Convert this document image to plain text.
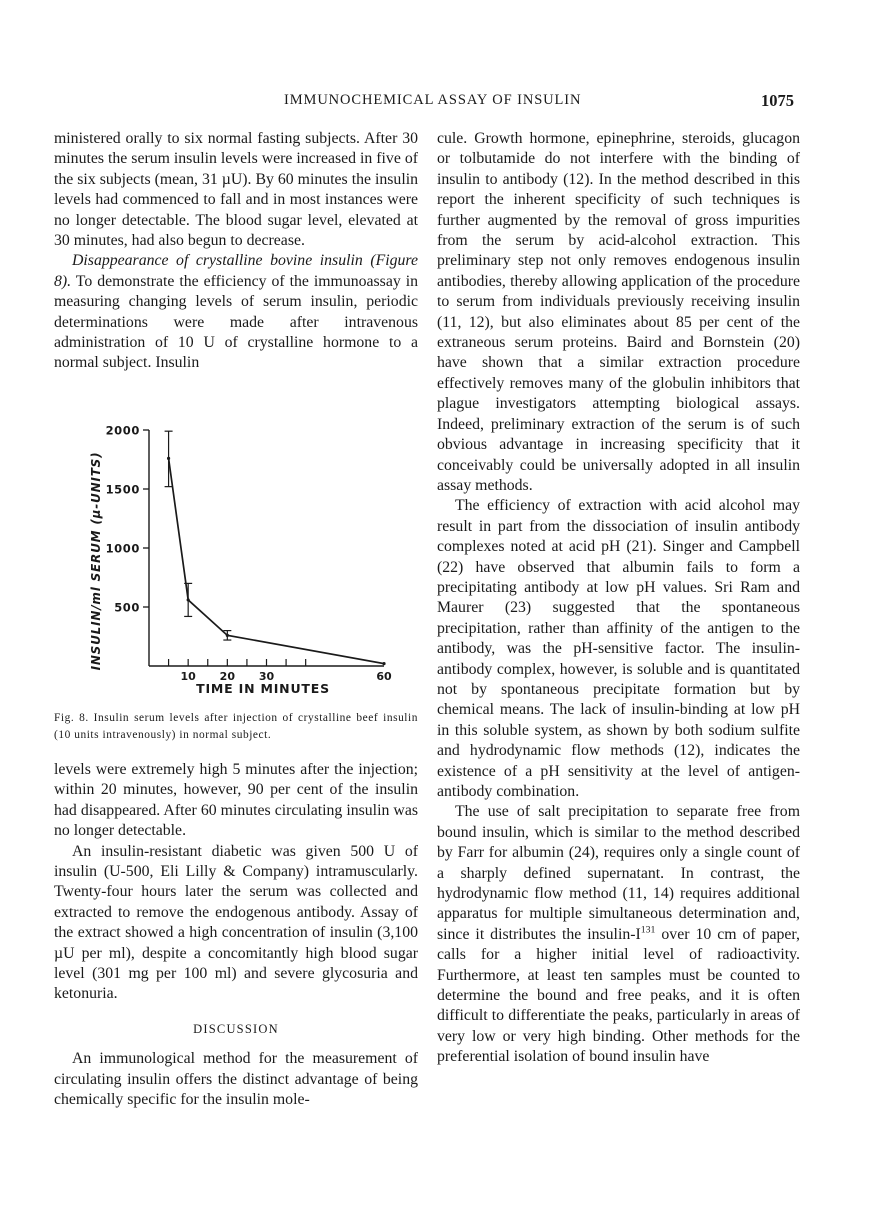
IMMUNOCHEMICAL ASSAY OF INSULIN	1075

ministered orally to six normal fasting subjects. After 30 minutes the serum insulin levels were increased in five of the six subjects (mean, 31 µU). By 60 minutes the insulin levels had commenced to fall and in most instances were no longer detectable. The blood sugar level, elevated at 30 minutes, had also begun to decrease.

Disappearance of crystalline bovine insulin (Figure 8). To demonstrate the efficiency of the immunoassay in measuring changing levels of serum insulin, periodic determinations were made after intravenous administration of 10 U of crystalline hormone to a normal subject. Insulin

500
1000
1500
2000
10 20 30	60
TIME IN MINUTES
INSULIN/ml SERUM (µ-UNITS)
Fig. 8. Insulin serum levels after injection of crystalline beef insulin (10 units intravenously) in normal subject.

levels were extremely high 5 minutes after the injection; within 20 minutes, however, 90 per cent of the insulin had disappeared. After 60 minutes circulating insulin was no longer detectable.

An insulin-resistant diabetic was given 500 U of insulin (U-500, Eli Lilly & Company) intramuscularly. Twenty-four hours later the serum was collected and extracted to remove the endogenous antibody. Assay of the extract showed a high concentration of insulin (3,100 µU per ml), despite a concomitantly high blood sugar level (301 mg per 100 ml) and severe glycosuria and ketonuria.

DISCUSSION

An immunological method for the measurement of circulating insulin offers the distinct advantage of being chemically specific for the insulin mole-

cule. Growth hormone, epinephrine, steroids, glucagon or tolbutamide do not interfere with the binding of insulin to antibody (12). In the method described in this report the inherent specificity of such techniques is further augmented by the removal of gross impurities from the serum by acid-alcohol extraction. This preliminary step not only removes endogenous insulin antibodies, thereby allowing application of the procedure to serum from individuals previously receiving insulin (11, 12), but also eliminates about 85 per cent of the extraneous serum proteins. Baird and Bornstein (20) have shown that a similar extraction procedure effectively removes many of the globulin inhibitors that plague investigators attempting biological assays. Indeed, preliminary extraction of the serum is of such obvious advantage in increasing specificity that it conceivably could be universally adopted in all insulin assay methods.

The efficiency of extraction with acid alcohol may result in part from the dissociation of insulin antibody complexes noted at acid pH (21). Singer and Campbell (22) have observed that albumin fails to form a precipitating antibody at low pH values. Sri Ram and Maurer (23) suggested that the spontaneous precipitation, rather than affinity of the antigen to the antibody, was the pH-sensitive factor. The insulin-antibody complex, however, is soluble and is quantitated not by spontaneous precipitate formation but by chemical means. The lack of insulin-binding at low pH in this soluble system, as shown by both sodium sulfite and hydrodynamic flow methods (12), indicates the existence of a pH sensitivity at the level of antigen-antibody combination.

The use of salt precipitation to separate free from bound insulin, which is similar to the method described by Farr for albumin (24), requires only a single count of a sharply defined supernatant. In contrast, the hydrodynamic flow method (11, 14) requires additional apparatus for multiple simultaneous determination and, since it distributes the insulin-$I^{131}$ over 10 cm of paper, calls for a higher initial level of radioactivity. Furthermore, at least ten samples must be counted to determine the bound and free peaks, and it is often difficult to differentiate the peaks, particularly in areas of very low or very high binding. Other methods for the preferential isolation of bound insulin have
